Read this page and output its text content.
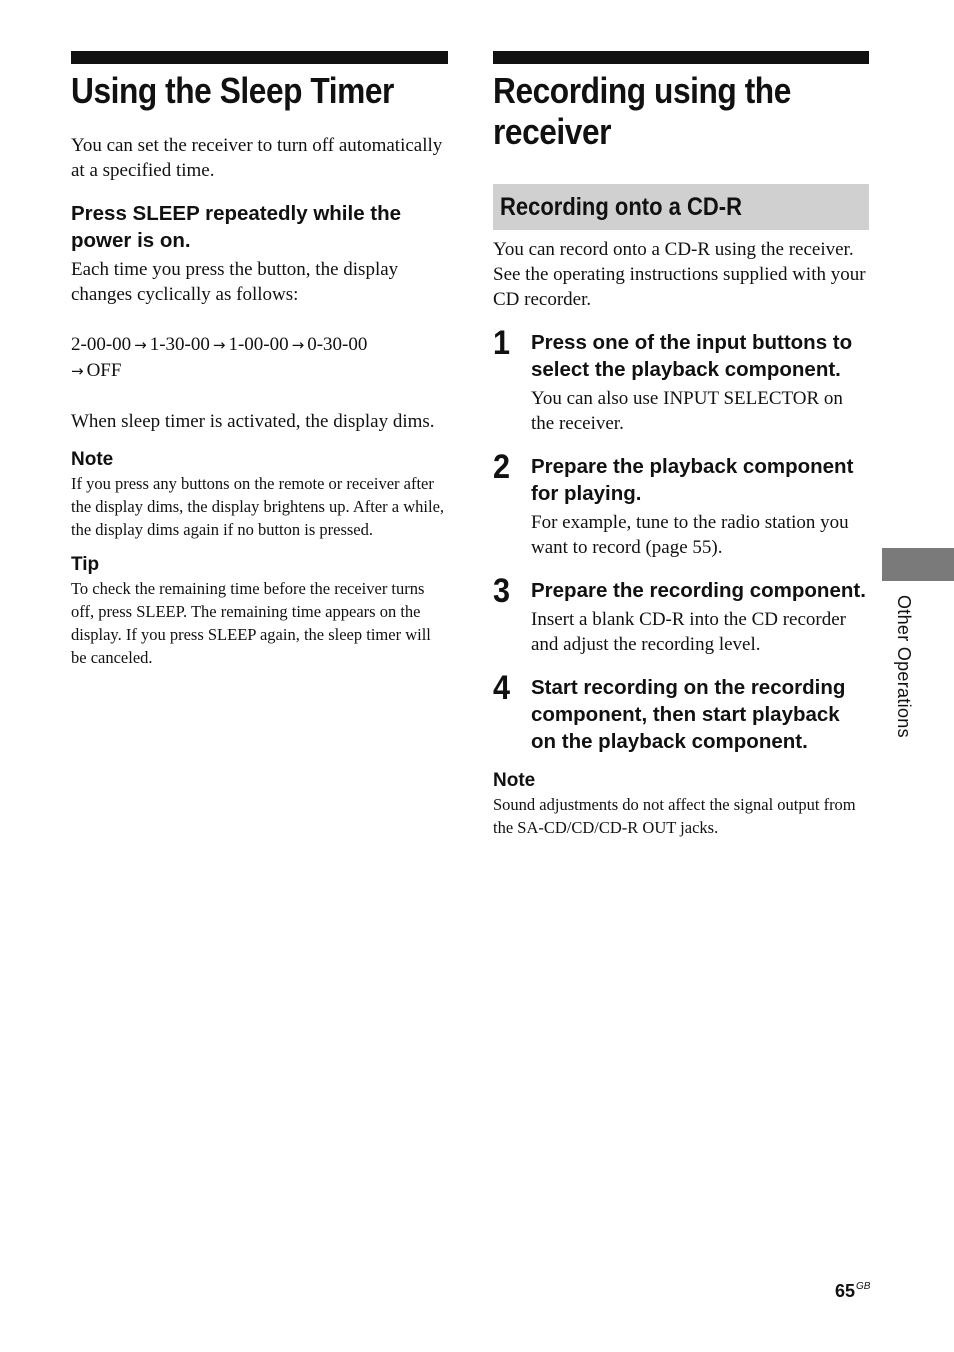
Using the Sleep Timer

You can set the receiver to turn off automatically at a specified time.

Press SLEEP repeatedly while the power is on.

Each time you press the button, the display changes cyclically as follows:

2-00-00 → 1-30-00 → 1-00-00 → 0-30-00
→ OFF

When sleep timer is activated, the display dims.

Note

If you press any buttons on the remote or receiver after the display dims, the display brightens up. After a while, the display dims again if no button is pressed.

Tip

To check the remaining time before the receiver turns off, press SLEEP. The remaining time appears on the display. If you press SLEEP again, the sleep timer will be canceled.

Recording using the receiver
Recording onto a CD-R

You can record onto a CD-R using the receiver. See the operating instructions supplied with your CD recorder.

1 Press one of the input buttons to select the playback component.

You can also use INPUT SELECTOR on the receiver.

2 Prepare the playback component for playing.

For example, tune to the radio station you want to record (page 55).

3 Prepare the recording component.

Insert a blank CD-R into the CD recorder and adjust the recording level.

4 Start recording on the recording component, then start playback on the playback component.

Note

Sound adjustments do not affect the signal output from the SA-CD/CD/CD-R OUT jacks.

Other Operations
$65^{GB}$
